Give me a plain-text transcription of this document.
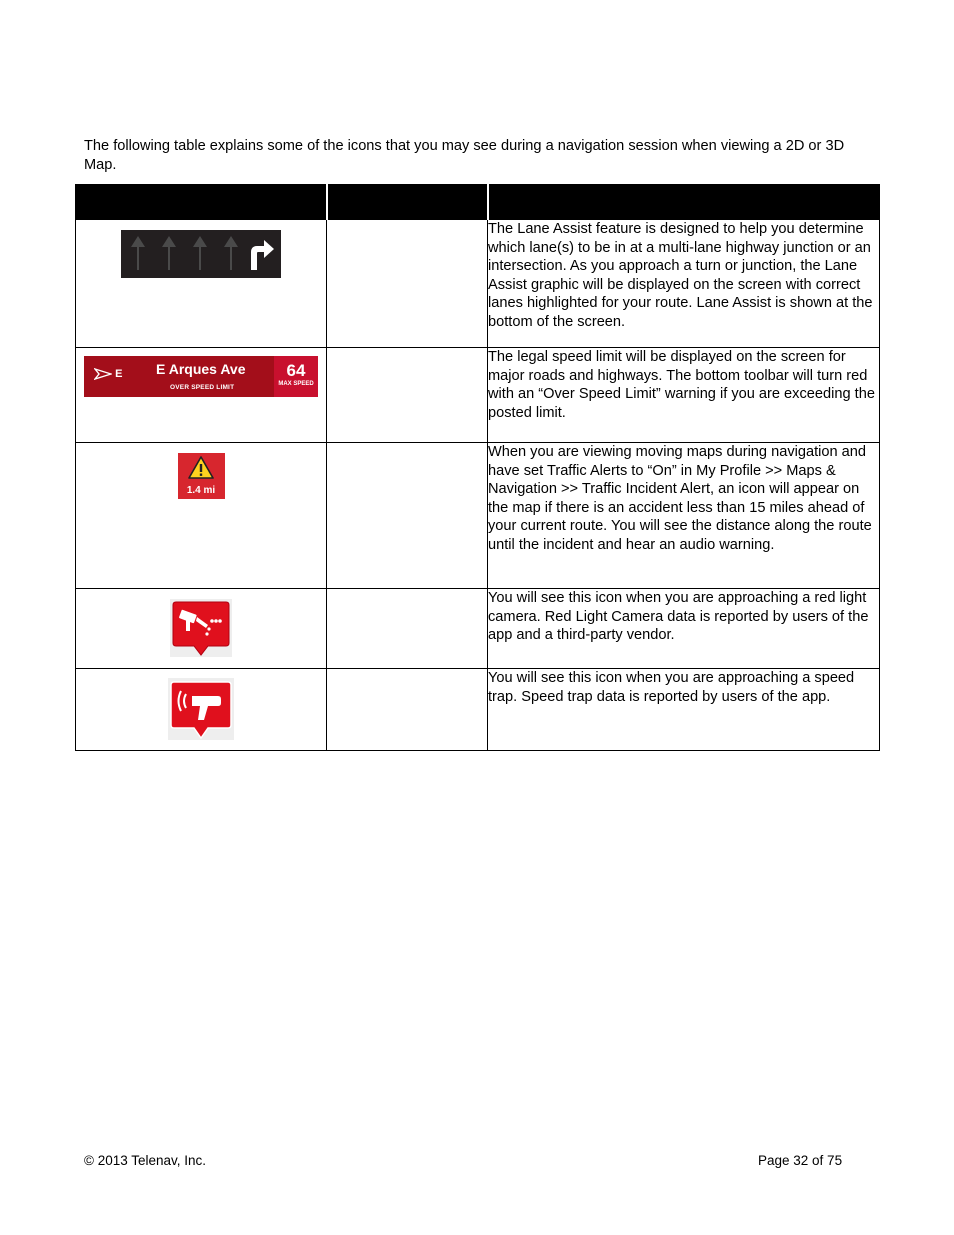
The following table explains some of the icons that you may see during a navigation session when viewing a 2D or 3D Map.

		The Lane Assist feature is designed to help you determine which lane(s) to be in at a multi-lane highway junction or an intersection. As you approach a turn or junction, the Lane Assist graphic will be displayed on the screen with correct lanes highlighted for your route. Lane Assist is shown at the bottom of the screen.

E E Arques Ave
OVER SPEED LIMIT
64
MAX SPEED		The legal speed limit will be displayed on the screen for major roads and highways. The bottom toolbar will turn red with an “Over Speed Limit” warning if you are exceeding the posted limit.

1.4 mi		When you are viewing moving maps during navigation and have set Traffic Alerts to “On” in My Profile >> Maps & Navigation >> Traffic Incident Alert, an icon will appear on the map if there is an accident less than 15 miles ahead of your current route. You will see the distance along the route until the incident and hear an audio warning.
		You will see this icon when you are approaching a red light camera. Red Light Camera data is reported by users of the app and a third-party vendor.
		You will see this icon when you are approaching a speed trap. Speed trap data is reported by users of the app.
© 2013 Telenav, Inc.	Page 32 of 75
